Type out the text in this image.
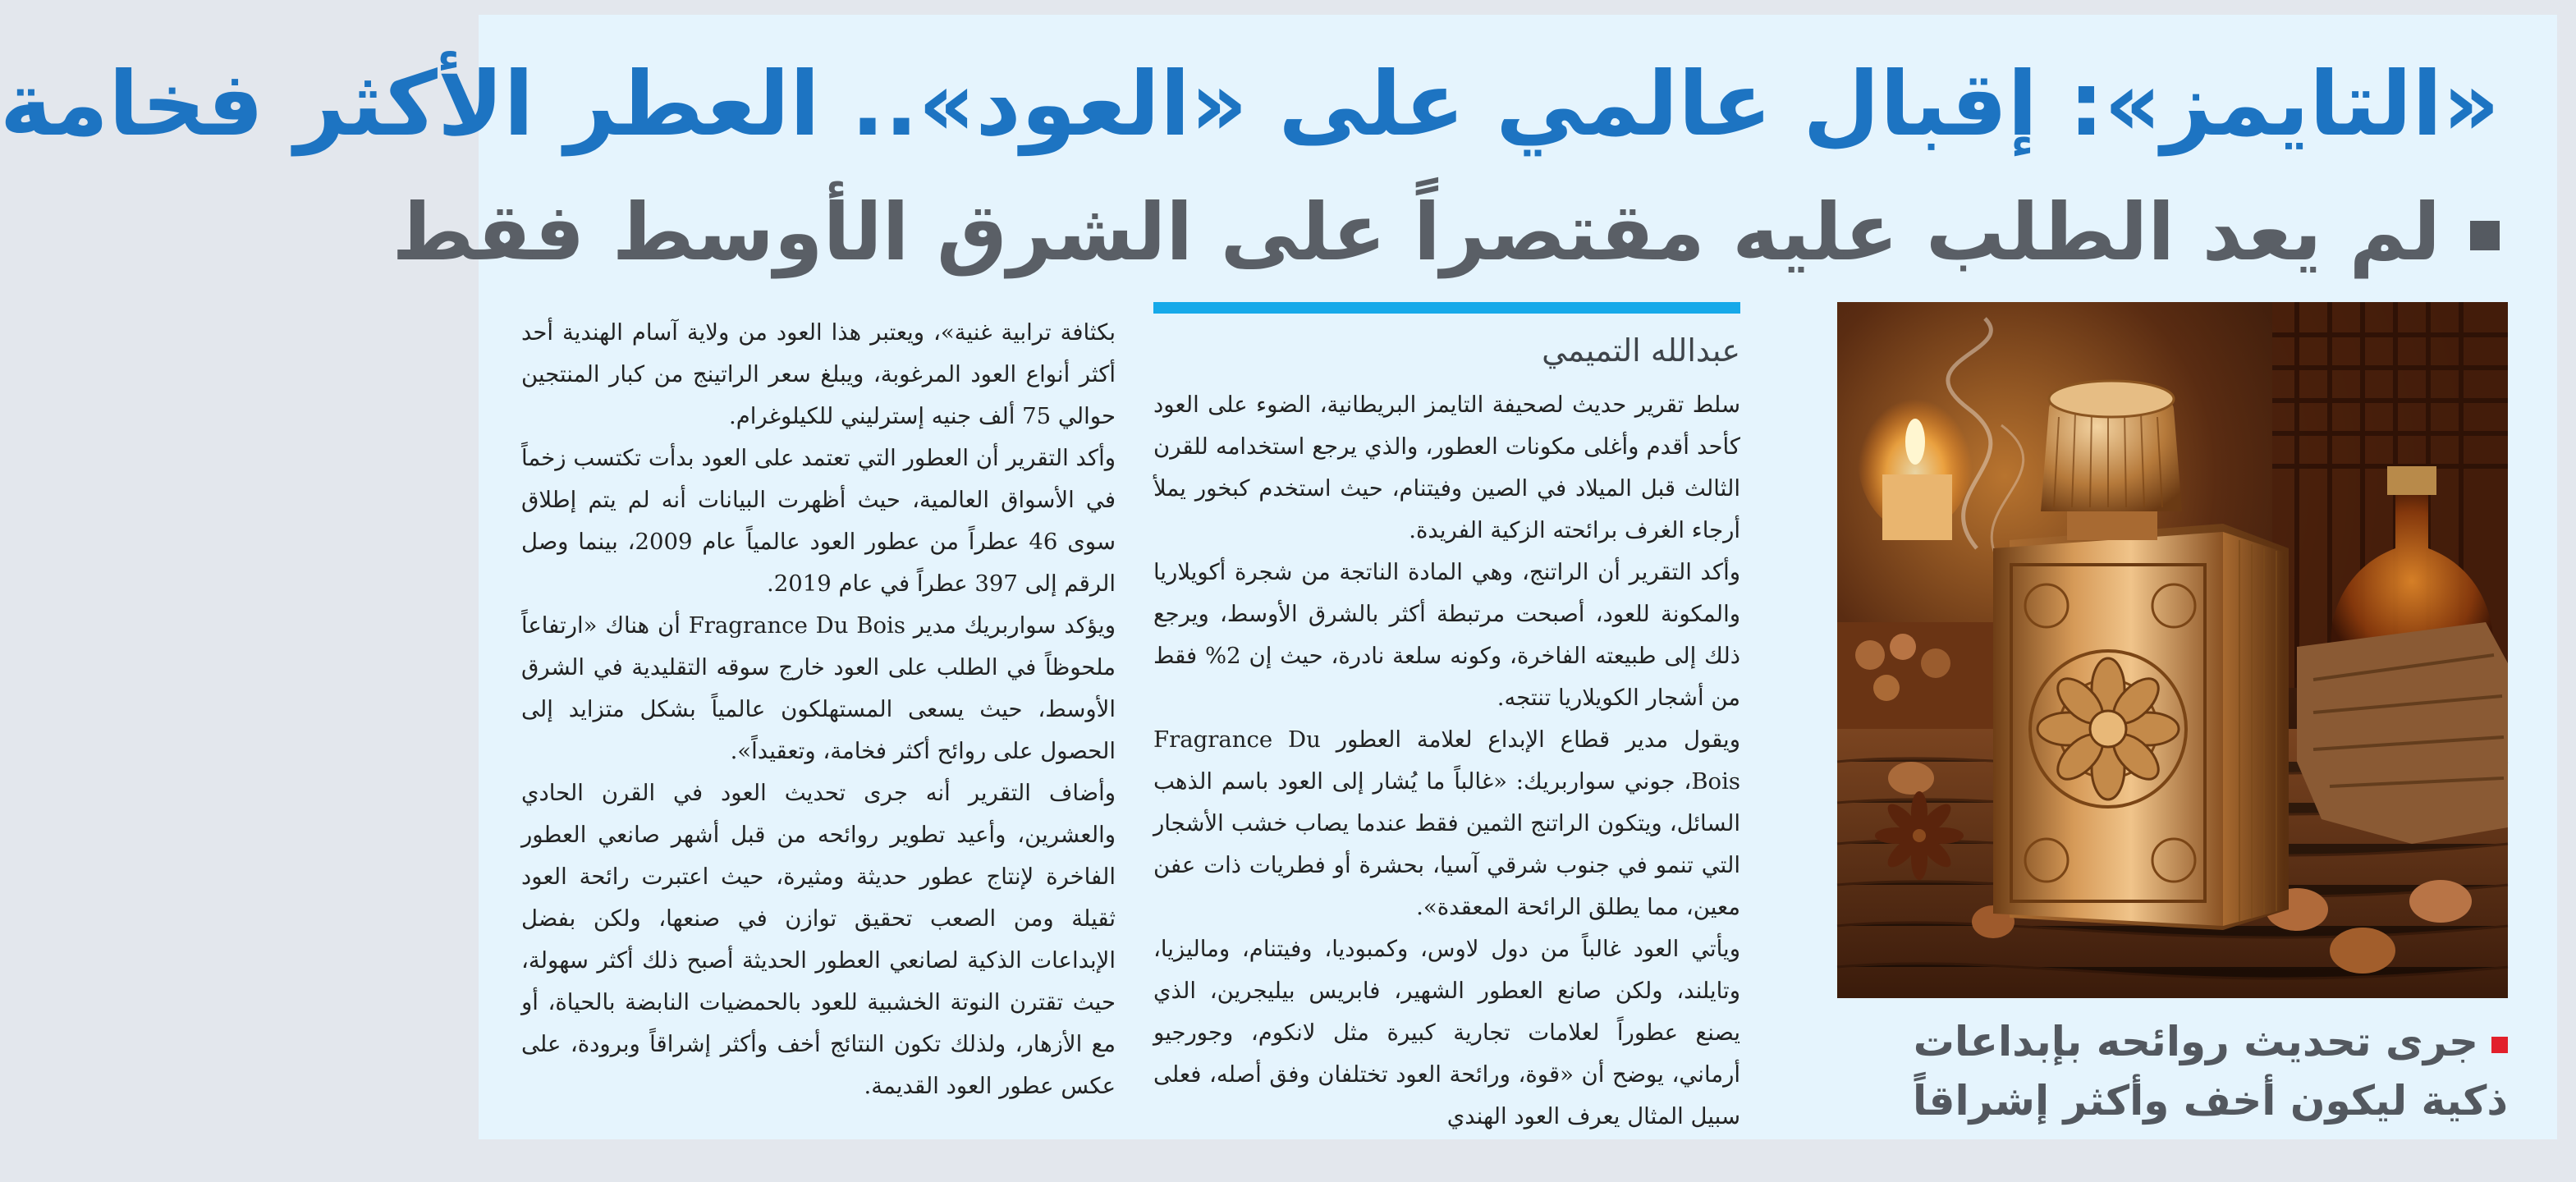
«التايمز»: إقبال عالمي على «العود».. العطر الأكثر فخامة
لم يعد الطلب عليه مقتصراً على الشرق الأوسط فقط
جرى تحديث روائحه بإبداعات ذكية ليكون أخف وأكثر إشراقاً
عبدالله التميمي

سلط تقرير حديث لصحيفة التايمز البريطانية، الضوء على العود كأحد أقدم وأغلى مكونات العطور، والذي يرجع استخدامه للقرن الثالث قبل الميلاد في الصين وفيتنام، حيث استخدم كبخور يملأ أرجاء الغرف برائحته الزكية الفريدة.

وأكد التقرير أن الراتنج، وهي المادة الناتجة من شجرة أكويلاريا والمكونة للعود، أصبحت مرتبطة أكثر بالشرق الأوسط، ويرجع ذلك إلى طبيعته الفاخرة، وكونه سلعة نادرة، حيث إن 2% فقط من أشجار الكويلاريا تنتجه.

ويقول مدير قطاع الإبداع لعلامة العطور Fragrance Du Bois، جوني سواربريك: «غالباً ما يُشار إلى العود باسم الذهب السائل، ويتكون الراتنج الثمين فقط عندما يصاب خشب الأشجار التي تنمو في جنوب شرقي آسيا، بحشرة أو فطريات ذات عفن معين، مما يطلق الرائحة المعقدة».

ويأتي العود غالباً من دول لاوس، وكمبوديا، وفيتنام، وماليزيا، وتايلند، ولكن صانع العطور الشهير، فابريس بيليجرين، الذي يصنع عطوراً لعلامات تجارية كبيرة مثل لانكوم، وجورجيو أرماني، يوضح أن «قوة، ورائحة العود تختلفان وفق أصله، فعلى سبيل المثال يعرف العود الهندي

بكثافة ترابية غنية»، ويعتبر هذا العود من ولاية آسام الهندية أحد أكثر أنواع العود المرغوبة، ويبلغ سعر الراتينج من كبار المنتجين حوالي 75 ألف جنيه إسترليني للكيلوغرام.

وأكد التقرير أن العطور التي تعتمد على العود بدأت تكتسب زخماً في الأسواق العالمية، حيث أظهرت البيانات أنه لم يتم إطلاق سوى 46 عطراً من عطور العود عالمياً عام 2009، بينما وصل الرقم إلى 397 عطراً في عام 2019.

ويؤكد سواربريك مدير Fragrance Du Bois أن هناك «ارتفاعاً ملحوظاً في الطلب على العود خارج سوقه التقليدية في الشرق الأوسط، حيث يسعى المستهلكون عالمياً بشكل متزايد إلى الحصول على روائح أكثر فخامة، وتعقيداً».

وأضاف التقرير أنه جرى تحديث العود في القرن الحادي والعشرين، وأعيد تطوير روائحه من قبل أشهر صانعي العطور الفاخرة لإنتاج عطور حديثة ومثيرة، حيث اعتبرت رائحة العود ثقيلة ومن الصعب تحقيق توازن في صنعها، ولكن بفضل الإبداعات الذكية لصانعي العطور الحديثة أصبح ذلك أكثر سهولة، حيث تقترن النوتة الخشبية للعود بالحمضيات النابضة بالحياة، أو مع الأزهار، ولذلك تكون النتائج أخف وأكثر إشراقاً وبرودة، على عكس عطور العود القديمة.
